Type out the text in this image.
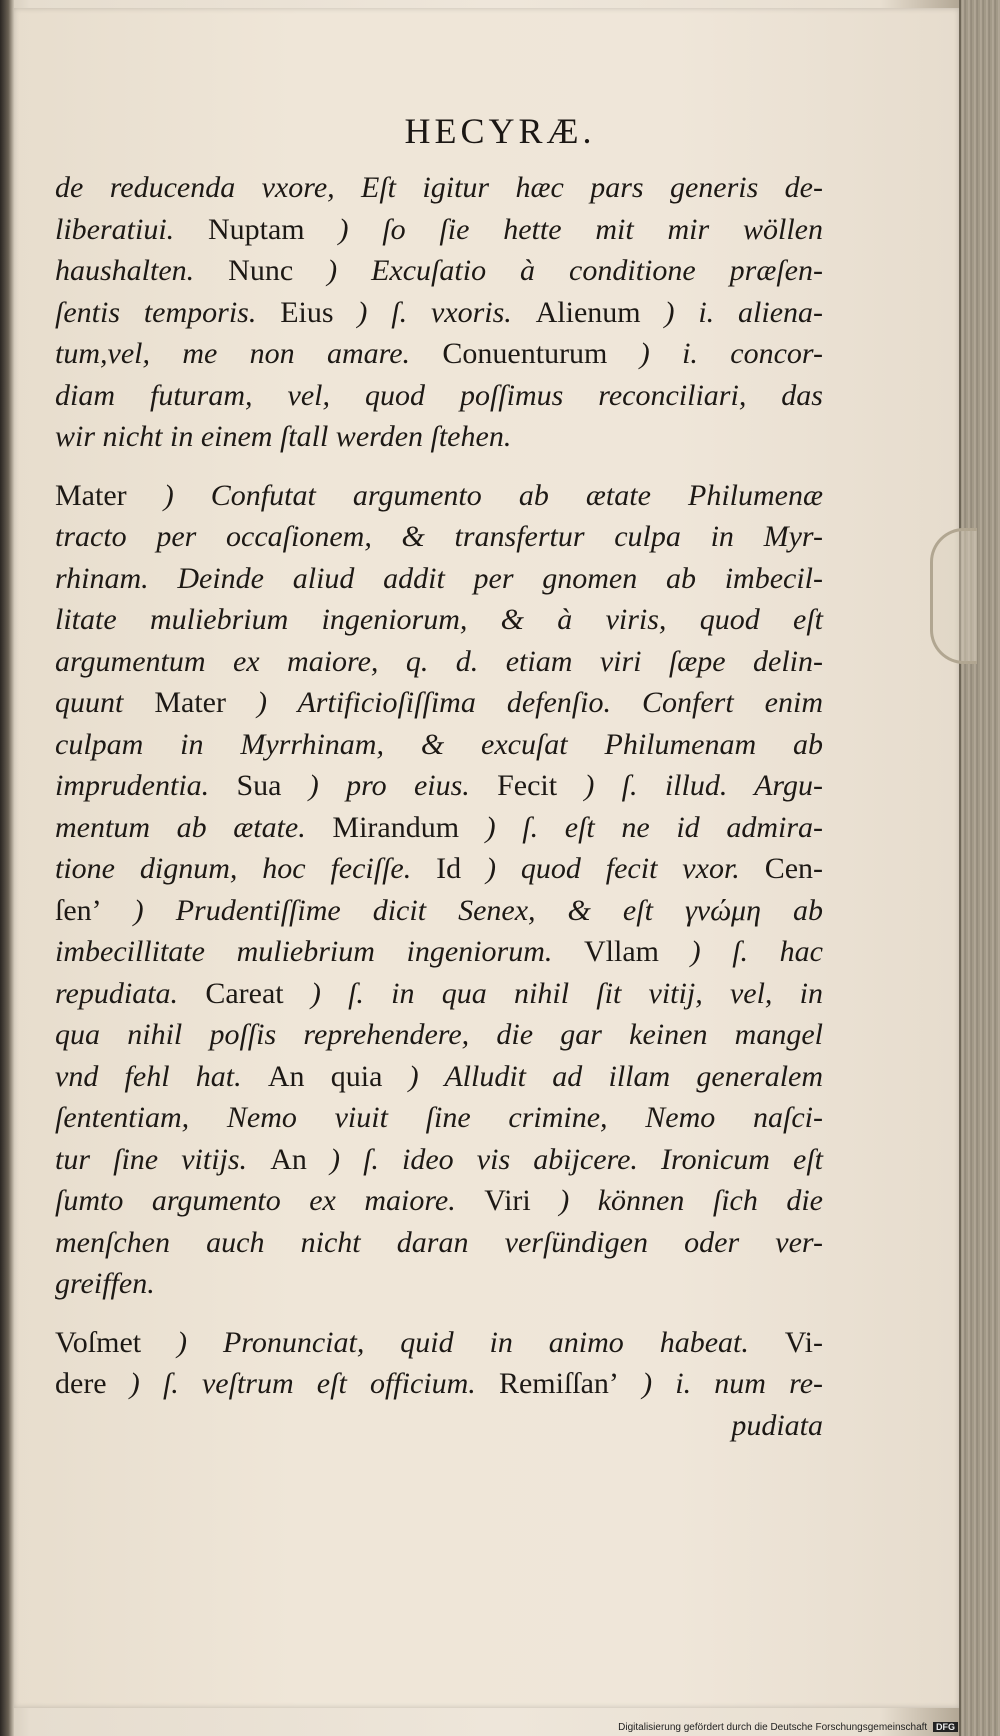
HECYRÆ.
de reducenda vxore, Eſt igitur hæc pars generis de-
liberatiui. Nuptam ) ſo ſie hette mit mir wöllen
haushalten. Nunc ) Excuſatio à conditione præſen-
ſentis temporis. Eius ) ſ. vxoris. Alienum ) i. aliena-
tum,vel, me non amare. Conuenturum ) i. concor-
diam futuram, vel, quod poſſimus reconciliari, das
wir nicht in einem ſtall werden ſtehen.
Mater ) Confutat argumento ab ætate Philumenæ
tracto per occaſionem, & transfertur culpa in Myr-
rhinam. Deinde aliud addit per gnomen ab imbecil-
litate muliebrium ingeniorum, & à viris, quod eſt
argumentum ex maiore, q. d. etiam viri ſæpe delin-
quunt Mater ) Artificioſiſſima defenſio. Confert enim
culpam in Myrrhinam, & excuſat Philumenam ab
imprudentia. Sua ) pro eius. Fecit ) ſ. illud. Argu-
mentum ab ætate. Mirandum ) ſ. eſt ne id admira-
tione dignum, hoc feciſſe. Id ) quod fecit vxor. Cen-
ſen’ ) Prudentiſſime dicit Senex, & eſt γνώμη ab
imbecillitate muliebrium ingeniorum. Vllam ) ſ. hac
repudiata. Careat ) ſ. in qua nihil ſit vitij, vel, in
qua nihil poſſis reprehendere, die gar keinen mangel
vnd fehl hat. An quia ) Alludit ad illam generalem
ſententiam, Nemo viuit ſine crimine, Nemo naſci-
tur ſine vitijs. An ) ſ. ideo vis abijcere. Ironicum eſt
ſumto argumento ex maiore. Viri ) können ſich die
menſchen auch nicht daran verſündigen oder ver-
greiffen.
Voſmet ) Pronunciat, quid in animo habeat. Vi-
dere ) ſ. veſtrum eſt officium. Remiſſan’ ) i. num re-
pudiata
Digitalisierung gefördert durch die Deutsche Forschungsgemeinschaft DFG
